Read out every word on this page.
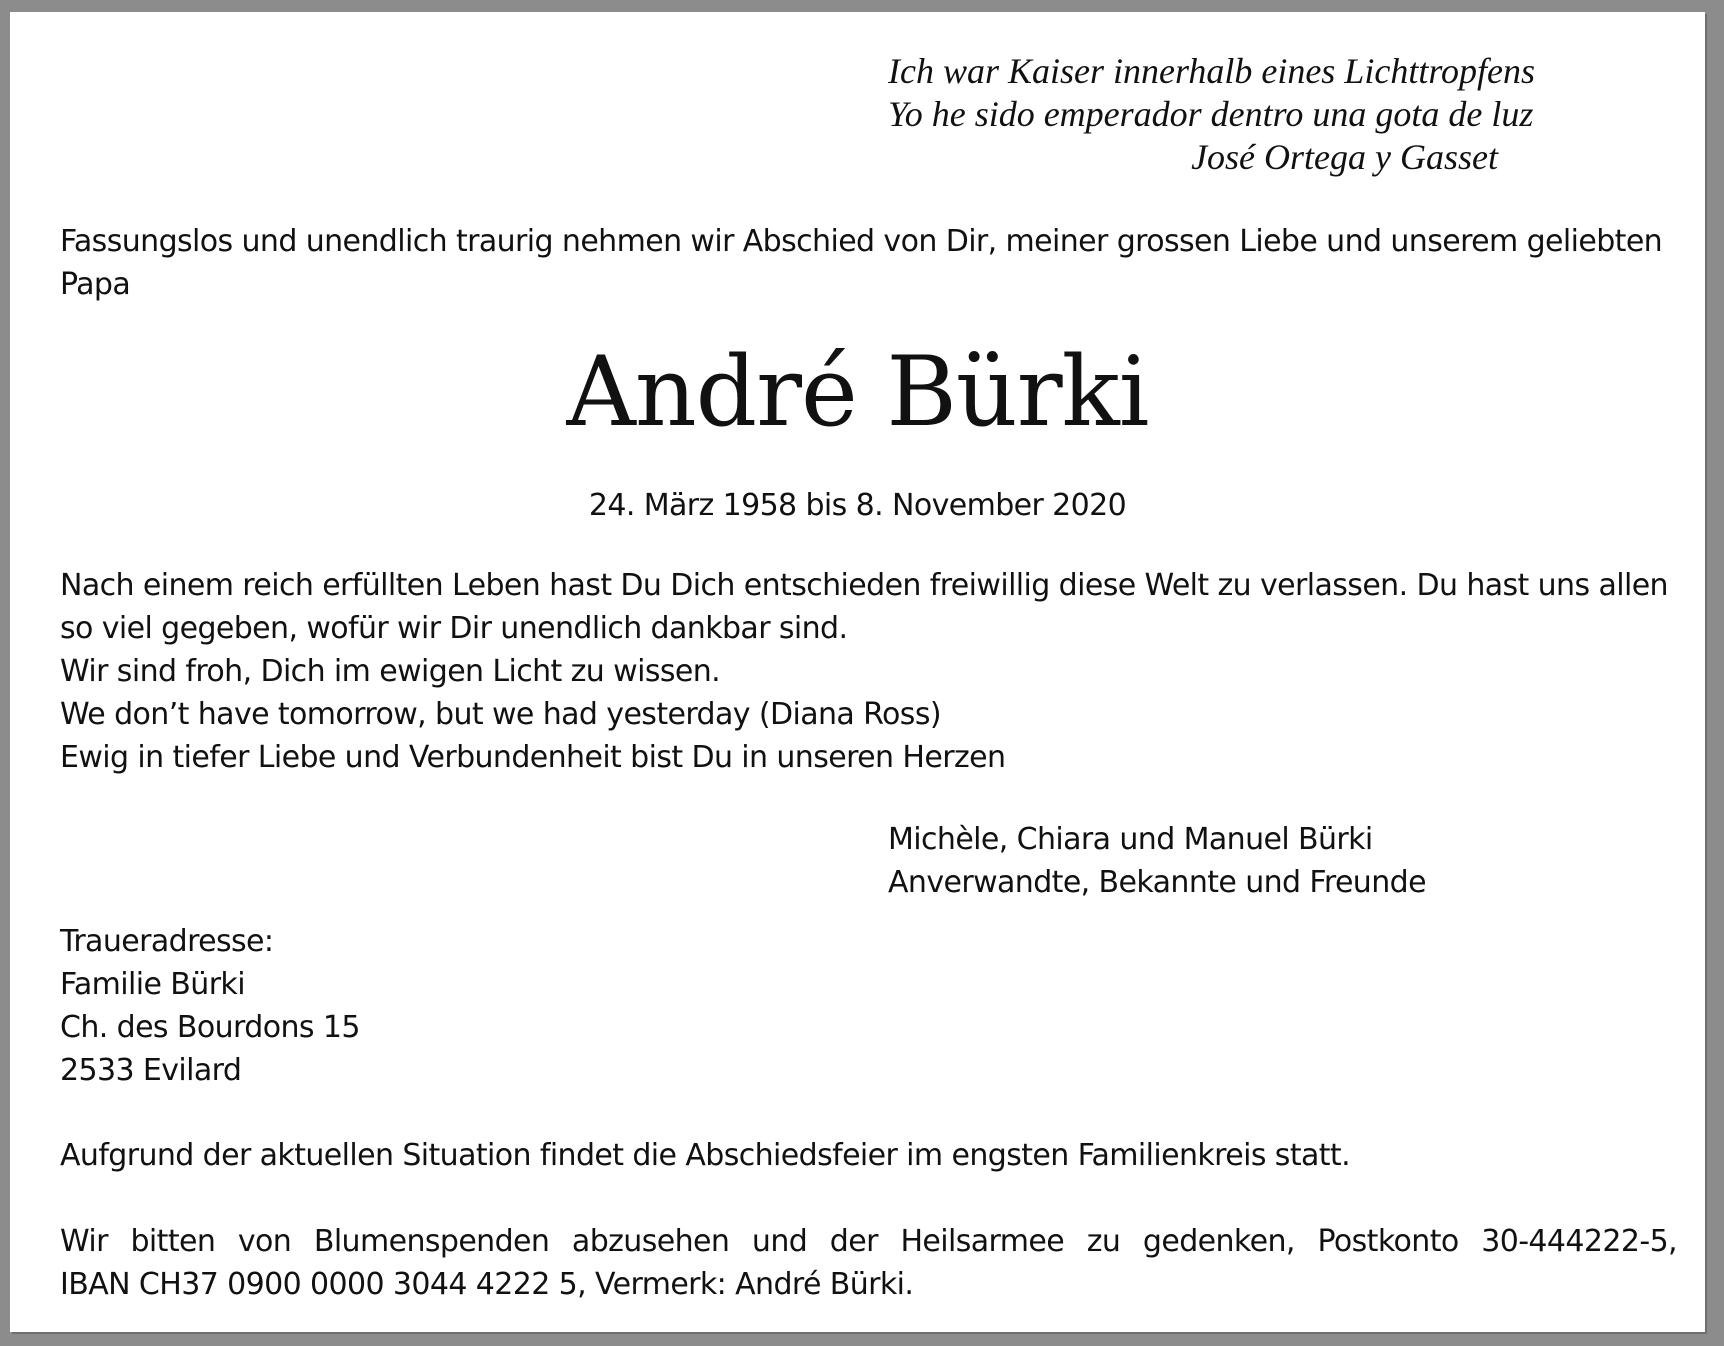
Ich war Kaiser innerhalb eines Lichttropfens
Yo he sido emperador dentro una gota de luz
José Ortega y Gasset
Fassungslos und unendlich traurig nehmen wir Abschied von Dir, meiner grossen Liebe und unserem geliebten Papa
André Bürki
24. März 1958 bis 8. November 2020
Nach einem reich erfüllten Leben hast Du Dich entschieden freiwillig diese Welt zu verlassen. Du hast uns allen so viel gegeben, wofür wir Dir unendlich dankbar sind.
Wir sind froh, Dich im ewigen Licht zu wissen.
We don’t have tomorrow, but we had yesterday (Diana Ross)
Ewig in tiefer Liebe und Verbundenheit bist Du in unseren Herzen
Michèle, Chiara und Manuel Bürki
Anverwandte, Bekannte und Freunde
Traueradresse:
Familie Bürki
Ch. des Bourdons 15
2533 Evilard
Aufgrund der aktuellen Situation findet die Abschiedsfeier im engsten Familienkreis statt.
Wir bitten von Blumenspenden abzusehen und der Heilsarmee zu gedenken, Postkonto 30-444222-5,
IBAN CH37 0900 0000 3044 4222 5, Vermerk: André Bürki.
